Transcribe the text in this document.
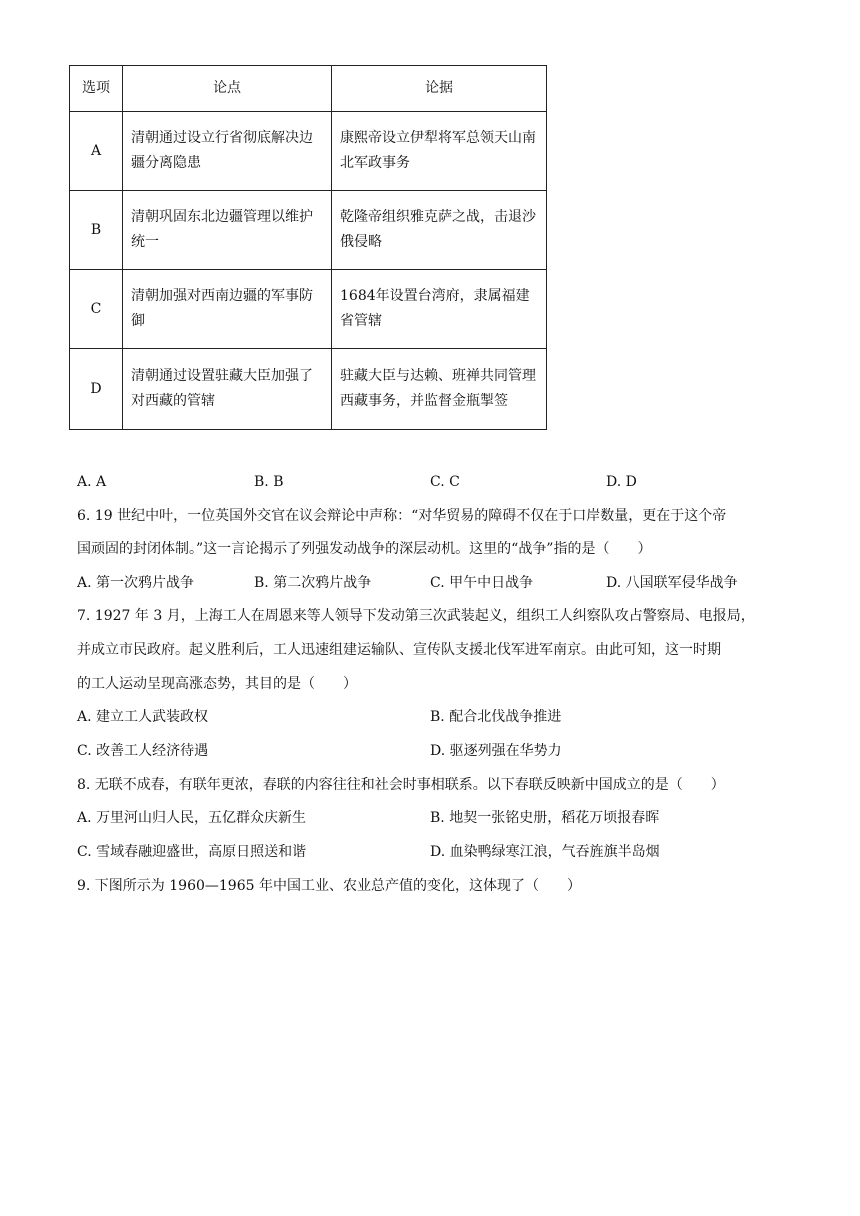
选项	论点	论据
A	清朝通过设立行省彻底解决边疆分离隐患	康熙帝设立伊犁将军总领天山南北军政事务
B	清朝巩固东北边疆管理以维护统一	乾隆帝组织雅克萨之战，击退沙俄侵略
C	清朝加强对西南边疆的军事防御	1684年设置台湾府，隶属福建省管辖
D	清朝通过设置驻藏大臣加强了对西藏的管辖	驻藏大臣与达赖、班禅共同管理西藏事务，并监督金瓶掣签
A. A	B. B	C. C	D. D
6. 19 世纪中叶，一位英国外交官在议会辩论中声称：“对华贸易的障碍不仅在于口岸数量，更在于这个帝
国顽固的封闭体制。”这一言论揭示了列强发动战争的深层动机。这里的“战争”指的是（　　）
A. 第一次鸦片战争	B. 第二次鸦片战争	C. 甲午中日战争	D. 八国联军侵华战争
7. 1927 年 3 月，上海工人在周恩来等人领导下发动第三次武装起义，组织工人纠察队攻占警察局、电报局，
并成立市民政府。起义胜利后，工人迅速组建运输队、宣传队支援北伐军进军南京。由此可知，这一时期
的工人运动呈现高涨态势，其目的是（　　）
A. 建立工人武装政权	B. 配合北伐战争推进
C. 改善工人经济待遇	D. 驱逐列强在华势力
8. 无联不成春，有联年更浓，春联的内容往往和社会时事相联系。以下春联反映新中国成立的是（　　）
A. 万里河山归人民，五亿群众庆新生	B. 地契一张铭史册，稻花万顷报春晖
C. 雪域春融迎盛世，高原日照送和谐	D. 血染鸭绿寒江浪，气吞旌旗半岛烟
9. 下图所示为 1960—1965 年中国工业、农业总产值的变化，这体现了（　　）
